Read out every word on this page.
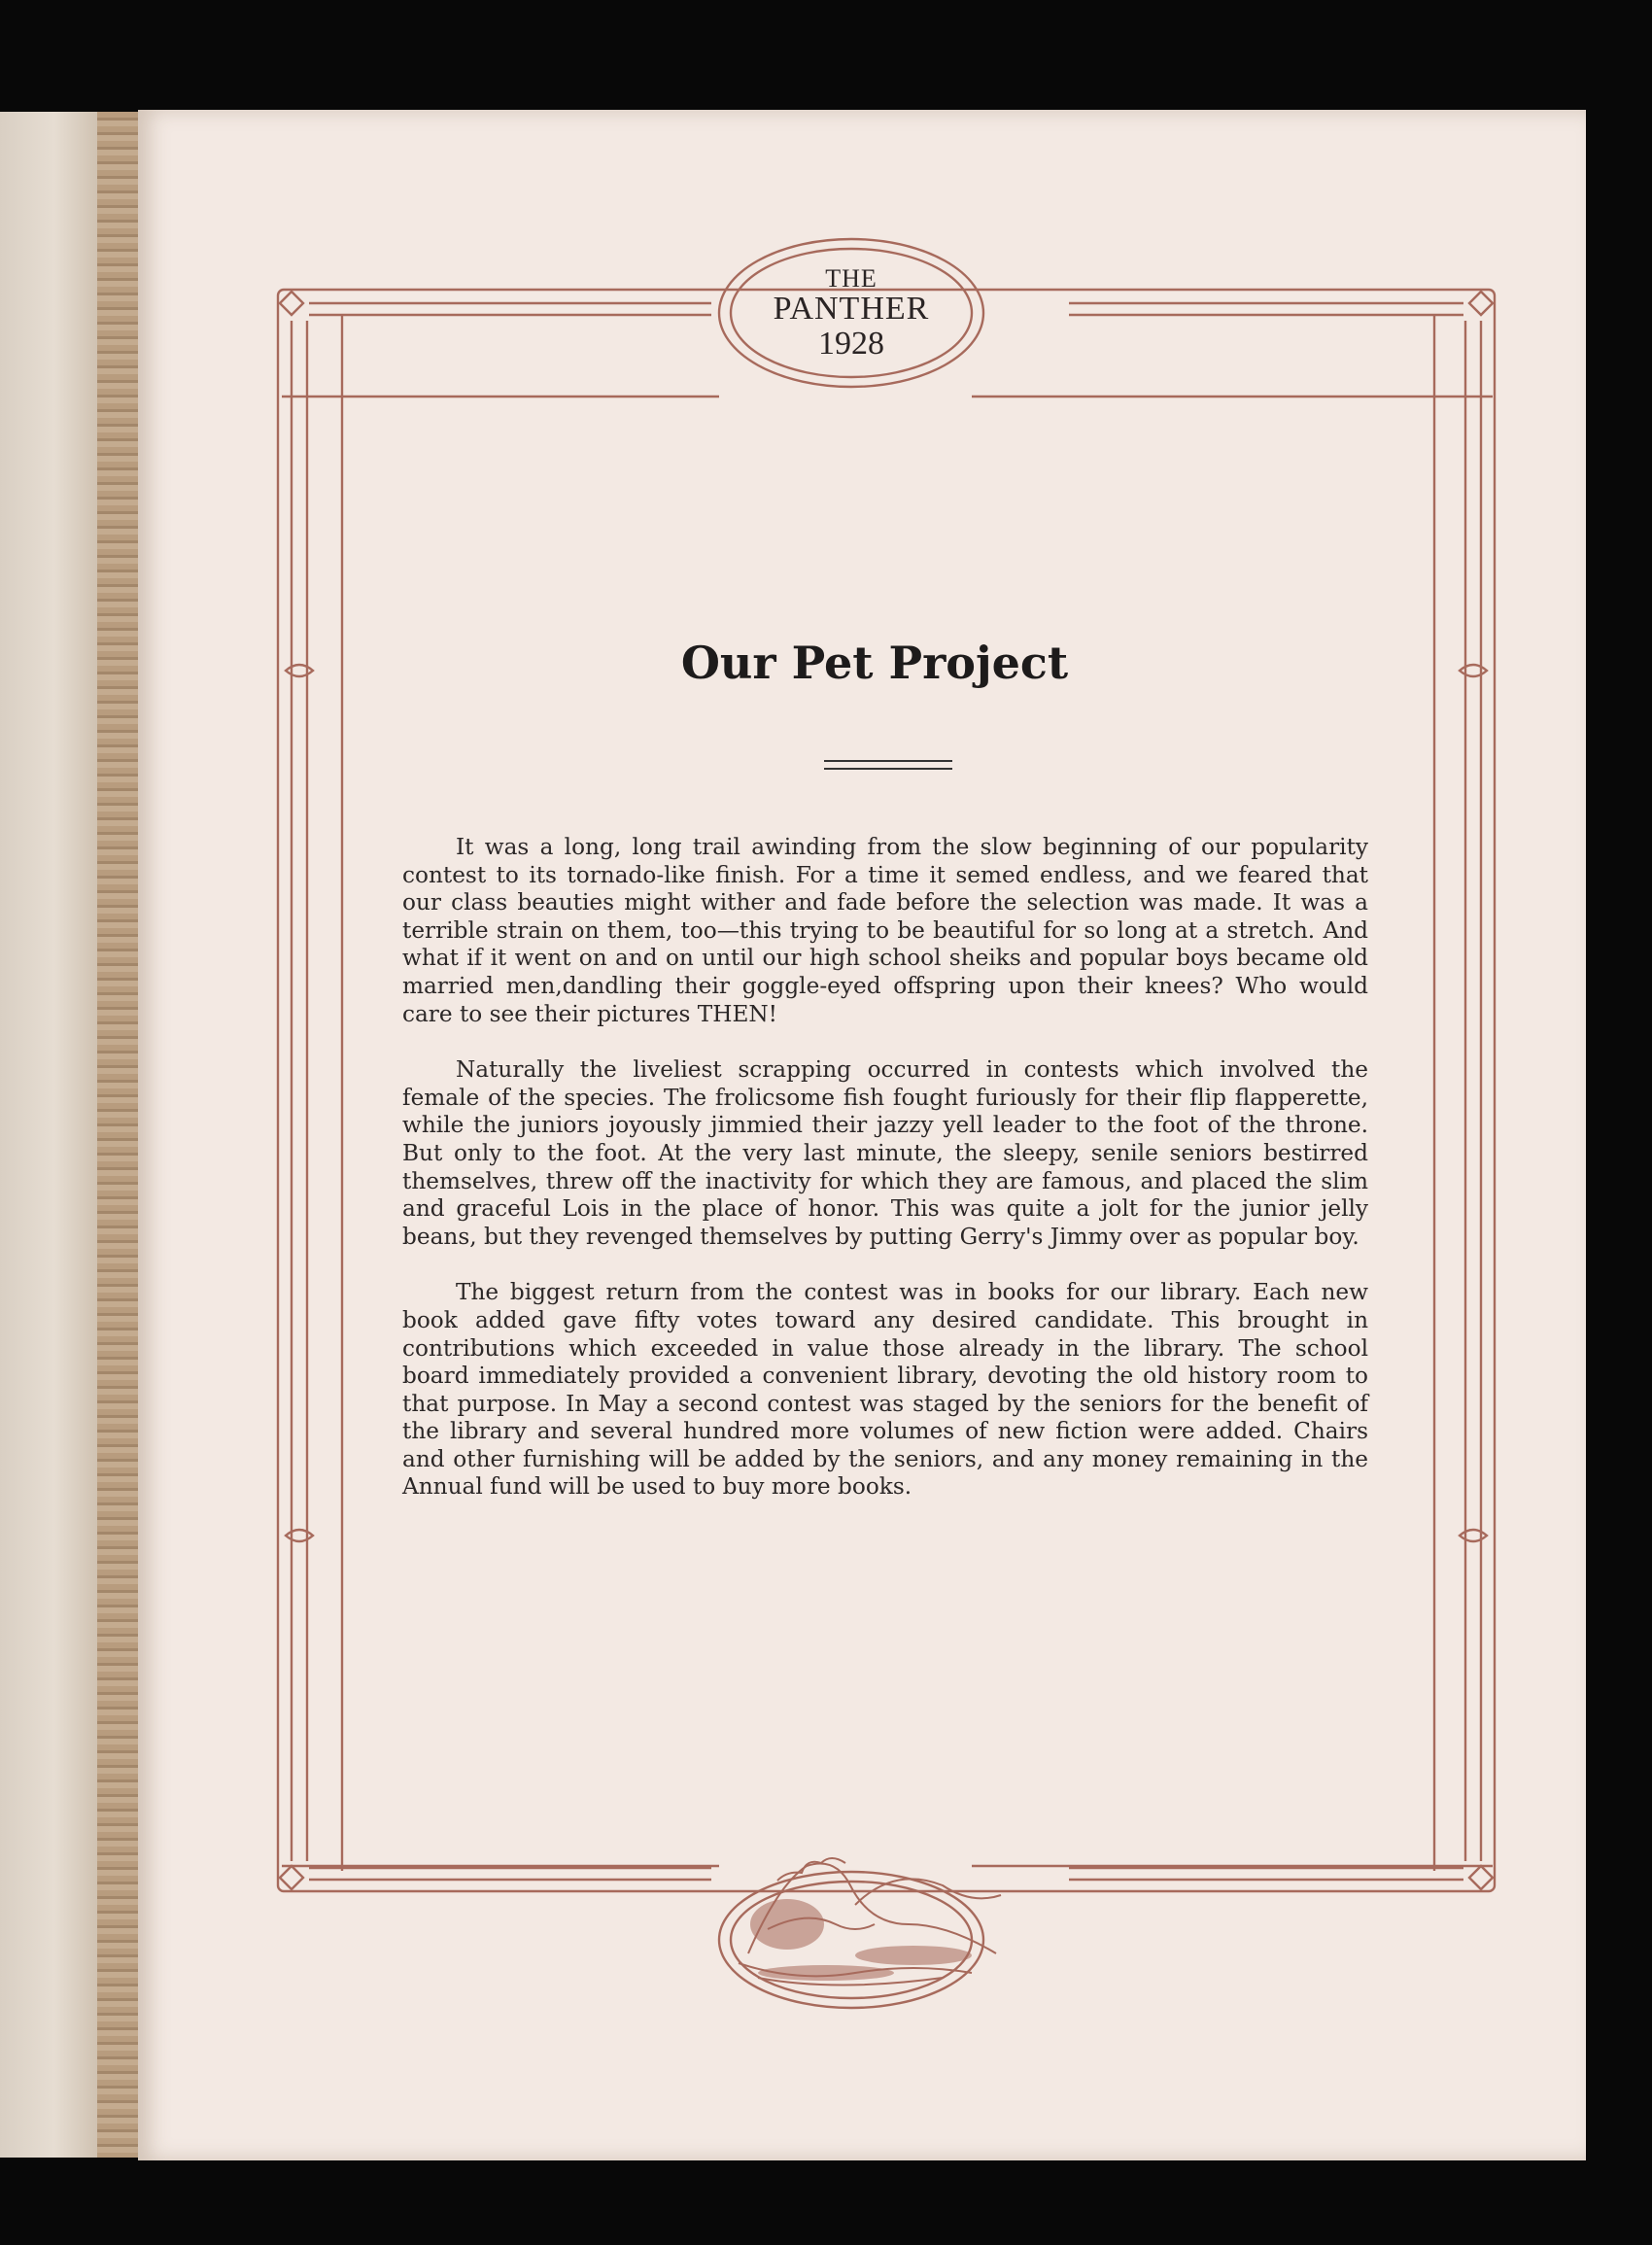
THE
PANTHER
1928
Our Pet Project

It was a long, long trail awinding from the slow beginning of our popularity contest to its tornado-like finish. For a time it semed endless, and we feared that our class beauties might wither and fade before the selection was made. It was a terrible strain on them, too—this trying to be beautiful for so long at a stretch. And what if it went on and on until our high school sheiks and popular boys became old married men,dandling their goggle-eyed offspring upon their knees? Who would care to see their pictures THEN!

Naturally the liveliest scrapping occurred in contests which involved the female of the species. The frolicsome fish fought furiously for their flip flapperette, while the juniors joyously jimmied their jazzy yell leader to the foot of the throne. But only to the foot. At the very last minute, the sleepy, senile seniors bestirred themselves, threw off the inactivity for which they are famous, and placed the slim and graceful Lois in the place of honor. This was quite a jolt for the junior jelly beans, but they revenged themselves by putting Gerry's Jimmy over as popular boy.

The biggest return from the contest was in books for our library. Each new book added gave fifty votes toward any desired candidate. This brought in contributions which exceeded in value those already in the library. The school board immediately provided a convenient library, devoting the old history room to that purpose. In May a second contest was staged by the seniors for the benefit of the library and several hundred more volumes of new fiction were added. Chairs and other furnishing will be added by the seniors, and any money remaining in the Annual fund will be used to buy more books.
